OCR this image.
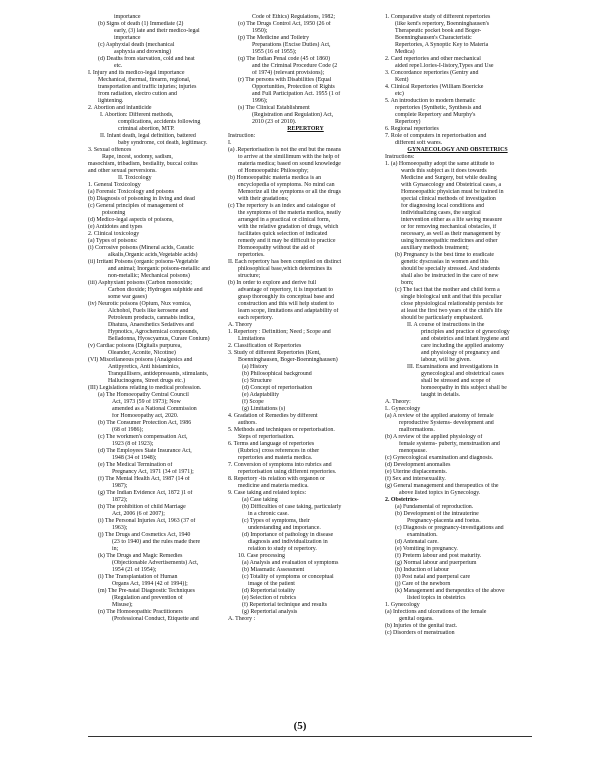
importance
(b) Signs of death (1) Immediate (2)
early, (3) late and their medico-legal
importance
(c) Asphyxial death (mechanical
asphyxia and drowning)
(d) Deaths from starvation, cold and heat
etc.
I. Injury and its medico-legal importance
Mechanical, thermal, firearm, regional,
transportation and traffic injuries; injuries
from radiation, electro cution and
lightening.
2. Abortion and infanticide
I. Abortion: Different methods,
complications, accidents following
criminal abortion, MTP.
II. Infant death, legal definition, battered
baby syndrome, cot death, legitimacy.
3. Sexual offences
Rape, incest, sodomy, sadism,
masochism, tribadism, bestiality, buccal coitus
and other sexual perversions.
II. Toxicology
1. General Toxicology
(a) Forensic Toxicology and poisons
(b) Diagnosis of poisoning in living and dead
(c) General principles of management of
poisoning
(d) Medico-legal aspects of poisons,
(e) Antidotes and types
2. Clinical toxicology
(a) Types of poisons:
(i) Corrosive poisons (Mineral acids, Caustic
alkalis,Organic acids,Vegetable acids)
(ii) Irritant Poisons (organic poisons-Vegetable
and animal; Inorganic poisons-metallic and
non-metallic; Mechanical poisons)
(iii) Asphyxiant poisons (Carbon monoxide;
Carbon dioxide; Hydrogen sulphide and
some war gases)
(iv) Neurotic poisons (Opium, Nux vomica,
Alchohol, Fuels like kerosene and
Petroleum products, cannabis indica,
Dhatura, Anaesthetics Sedatives and
Hypnotics, Agrochemical compounds,
Belladonna, Hyoscyamus, Curare Conium)
(v) Cardiac poisons (Digitalis purpurea,
Oleander, Aconite, Nicotine)
(VI) Miscellaneous poisons (Analgesics and
Antipyretics, Anti histaminics,
Tranquillisers, antidepressants, stimulants,
Hallucinogens, Street drugs etc.)
(III) Legislations relating to medical profession.
(a) The Homoeopathy Central Council
Act, 1973 (59 of 1973); Now
amended as a National Commission
for Homoeopathy act, 2020.
(b) The Consumer Protection Act, 1986
(68 of 1986);
(c) The workmen's compensation Act,
1923 (8 of 1923);
(d) The Employees State Insurance Act,
1948 (34 of 1948);
(e) The Medical Termination of
Pregnancy Act, 1971 (34 of 1971);
(f) The Mental Health Act, 1987 (14 of
1987);
(g) The Indian Evidence Act, 1872 )1 of
1872);
(h) The prohibition of child Marriage
Act, 2006 (6 of 2007);
(i) The Personal Injuries Act, 1963 (37 of
1963);
(j) The Drugs and Cosmetics Act, 1940
(23 to 1940) and the rules made there
in;
(k) The Drugs and Magic Remedies
(Objectionable Advertisements) Act,
1954 (21 of 1954);
(l) The Transplantation of Human
Organs Act, 1994 (42 of 1994)];
(m) The Pre-natal Diagnostic Techniques
(Regulation and prevention of
Misuse);
(n) The Homoeopathic Practitioners
(Professional Conduct, Etiquette and
Code of Ethics) Regulations, 1982;
(o) The Drugs Control Act, 1950 (26 of
1950);
(p) The Medicine and Toiletry
Preparations (Excise Duties) Act,
1955 (16 of 1955);
(q) The Indian Penal code (45 of 1860)
and the Criminal Procedure Code (2
of 1974) (relevant provisions);
(r) The persons with Disabilities (Equal
Opportunities, Protection of Rights
and Full Participation Act. 1955 (1 of
1996);
(s) The Clinical Establishment
(Registration and Regulation) Act,
2010 (23 of 2010).
REPERTORY
Instruction:
I.
(a) .Repertorisation is not the end but the means
to arrive at the simillimum with the help of
materia medica; based on sound knowledge
of Homoeopathic Philosophy;
(b) Homoeopathic materia medica is an
encyclopedia of symptoms. No mind can
Memorize all the symptoms or all the drugs
with their gradations;
(c) The repertory is an index and catalogue of
the symptoms of the materia medica, neatly
arranged in a practical or clinical form,
with the relative gradation of drugs, which
facilitates quick selection of indicated
remedy and it may be difficult to practice
Homoeopathy without the aid of
repertories.
II. Each repertory has been compiled on distinct
philosophical base,which determines its
structure;
(b) In order to explore and derive full
advantage of repertory, it is important to
grasp thoroughly its conceptual base and
construction and this will help student to
learn scope, limitations and adaptability of
each repertory.
A. Theory
1. Repertory : Definition; Need ; Scope and
Limitations
2. Classification of Repertories
3. Study of different Repertories (Kent,
Boenninghausen, Boger-Boenninghausen)
(a) History
(b) Philosophical background
(c) Structure
(d) Concept of repertorisation
(e) Adaptability
(f) Scope
(g) Limitations (s)
4. Gradation of Remedies by different
authors.
5. Methods and techniques or repertorisation.
Steps of repertorisation.
6. Terms and language of repertories
(Rubrics) cross references in other
repertories and materia medica.
7. Conversion of symptoms into rubrics and
repertorisation using different repertories.
8. Repertory -its relation with organon or
medicine and materia medica.
9. Case taking and related topics:
(a) Case taking
(b) Difficulties of case taking, particularly
in a chronic case.
(c) Types of symptoms, their
understanding and importance.
(d) Importance of pathology in disease
diagnosis and individualization in
relation to study of repertory.
10. Case processing
(a) Analysis and evaluation of symptoms
(b) Miasmatic Assessment
(c) Totality of symptoms or conceptual
image of the patient
(d) Repertorial totality
(e) Selection of rubrics
(f) Repertorial technique and results
(g) Repertorial analysis
A. Theory :
1. Comparative study of different repertories
(like kent's repertory, Boenninghausen's
Therapeutic pocket book and Boger-
Boenninghausen's Characteristic
Repertories, A Synoptic Key to Materia
Medica)
2. Card repertories and other mechanical
aided repe1.lories-I-listory,Types and Use
3. Concordance repertories (Gentry and
Kent)
4. Clinical Repertories (William Boericke
etc)
5. An introduction to modern thematic
repertories (Synthetic, Synthesis and
complete Repertory and Murphy's
Repertory)
6. Regional repertories
7. Role of computers in repertorisation and
different soft wares.
GYNAECOLOGY AND OBSTETRICS
Instructions:
1. (a) Homoeopathy adopt the same attitude to
wards this subject as it does towards
Medicine and Surgery, but while dealing
with Gynaecology and Obstetrical cases, a
Homoeopathic physician must be trained in
special clinical methods of investigation
for diagnosing local conditions and
individualizing cases, the surgical
intervention either as a life saving measure
or for removing mechanical obstacles, if
necessary, as well as their management by
using homoeopathic medicines and other
auxiliary methods treatment;
(b) Pregnancy is the best time to eradicate
genetic dyscrasias in women and this
should be specially stressed. And students
shall also be instructed in the care of new
born;
(c) The fact that the mother and child form a
single biological unit and that this peculiar
close physiological relationship persists for
at least the first two years of the child's life
should be particularly emphasized.
II. A course of instructions in the
principles and practice of gynecology
and obstetrics and infant hygiene and
care including the applied anatomy
and physiology of pregnancy and
labour, will be given.
III. Examinations and investigations in
gynecological and obstetrical cases
shall be stressed and scope of
homoeopathy in this subject shall be
taught in details.
A. Theory:
I.. Gynecology
(a) A review of the applied anatomy of female
reproductive Systems- development and
malformations.
(b) A review of the applied physiology of
female systems- puberty, menstruation and
menopause.
(c) Gynecological examination and diagnosis.
(d) Development anomalies
(e) Uterine displacements.
(f) Sex and intersexuality.
(g) General management and therapeutics of the
above listed topics in Gynecology.
2. Obstetrics-
(a) Fundamental of reproduction.
(b) Development of the intrauterine
Pregnancy-placenta and foetus.
(c) Diagnosis or pregnancy-investigations and
examination.
(d) Antenatal care.
(e) Vomiting in pregnancy.
(f) Preterm labour and post maturity.
(g) Normal labour and puerperium
(h) Induction of labour
(i) Post natal and puerperal care
(j) Care of the newborn
(k) Management and therapeutics of the above
listed topics in obstetrics
1. Gynecology
(a) Infections and ulcerations of the female
genital organs.
(b) Injuries of the genital tract.
(c) Disorders of menstruation
(5)
